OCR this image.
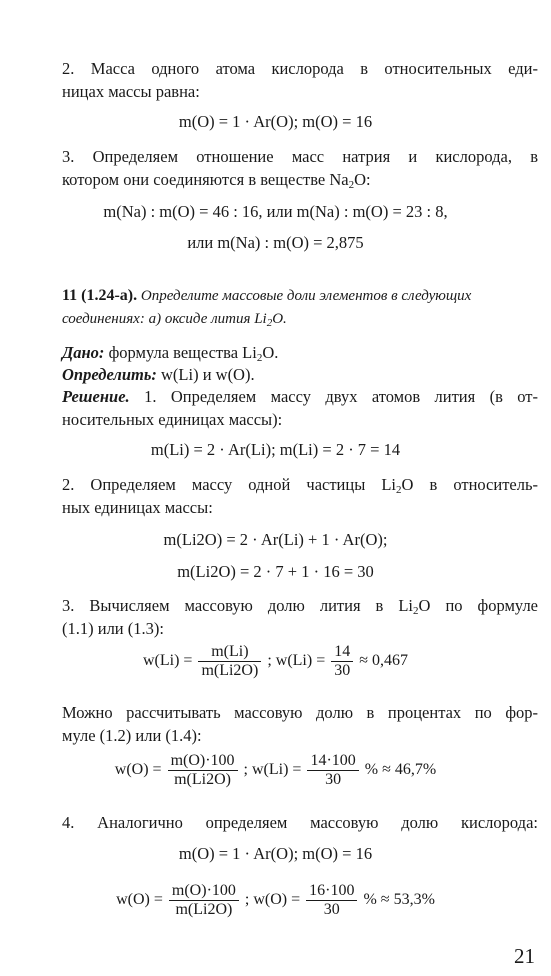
2. Масса одного атома кислорода в относительных еди-
ницах массы равна:
m(O) = 1 · Ar(O); m(O) = 16
3. Определяем отношение масс натрия и кислорода, в
котором они соединяются в веществе $Na_2O$:
m(Na) : m(O) = 46 : 16, или m(Na) : m(O) = 23 : 8,
или m(Na) : m(O) = 2,875
11 (1.24-а). Определите массовые доли элементов в следующих
соединениях: а) оксиде лития $Li_2O$.
Дано: формула вещества $Li_2O$.
Определить: w(Li) и w(O).
Решение. 1. Определяем массу двух атомов лития (в от-
носительных единицах массы):
m(Li) = 2 · Ar(Li); m(Li) = 2 · 7 = 14
2. Определяем массу одной частицы $Li_2O$ в относитель-
ных единицах массы:
m(Li2O) = 2 · Ar(Li) + 1 · Ar(O);
m(Li2O) = 2 · 7 + 1 · 16 = 30
3. Вычисляем массовую долю лития в $Li_2O$ по формуле
(1.1) или (1.3):
$w(Li) = \frac{m(Li)}{m(Li2O)}$ ; $w(Li) = \frac{14}{30} \approx 0,467$
Можно рассчитывать массовую долю в процентах по фор-
муле (1.2) или (1.4):
$w(O) = \frac{m(O)\cdot 100}{m(Li2O)}$ ; $w(Li) = \frac{14\cdot 100}{30}$ % ≈ 46,7%
4. Аналогично определяем массовую долю кислорода:
m(O) = 1 · Ar(O); m(O) = 16
$w(O) = \frac{m(O)\cdot 100}{m(Li2O)}$ ; $w(O) = \frac{16\cdot 100}{30}$ % ≈ 53,3%
21
